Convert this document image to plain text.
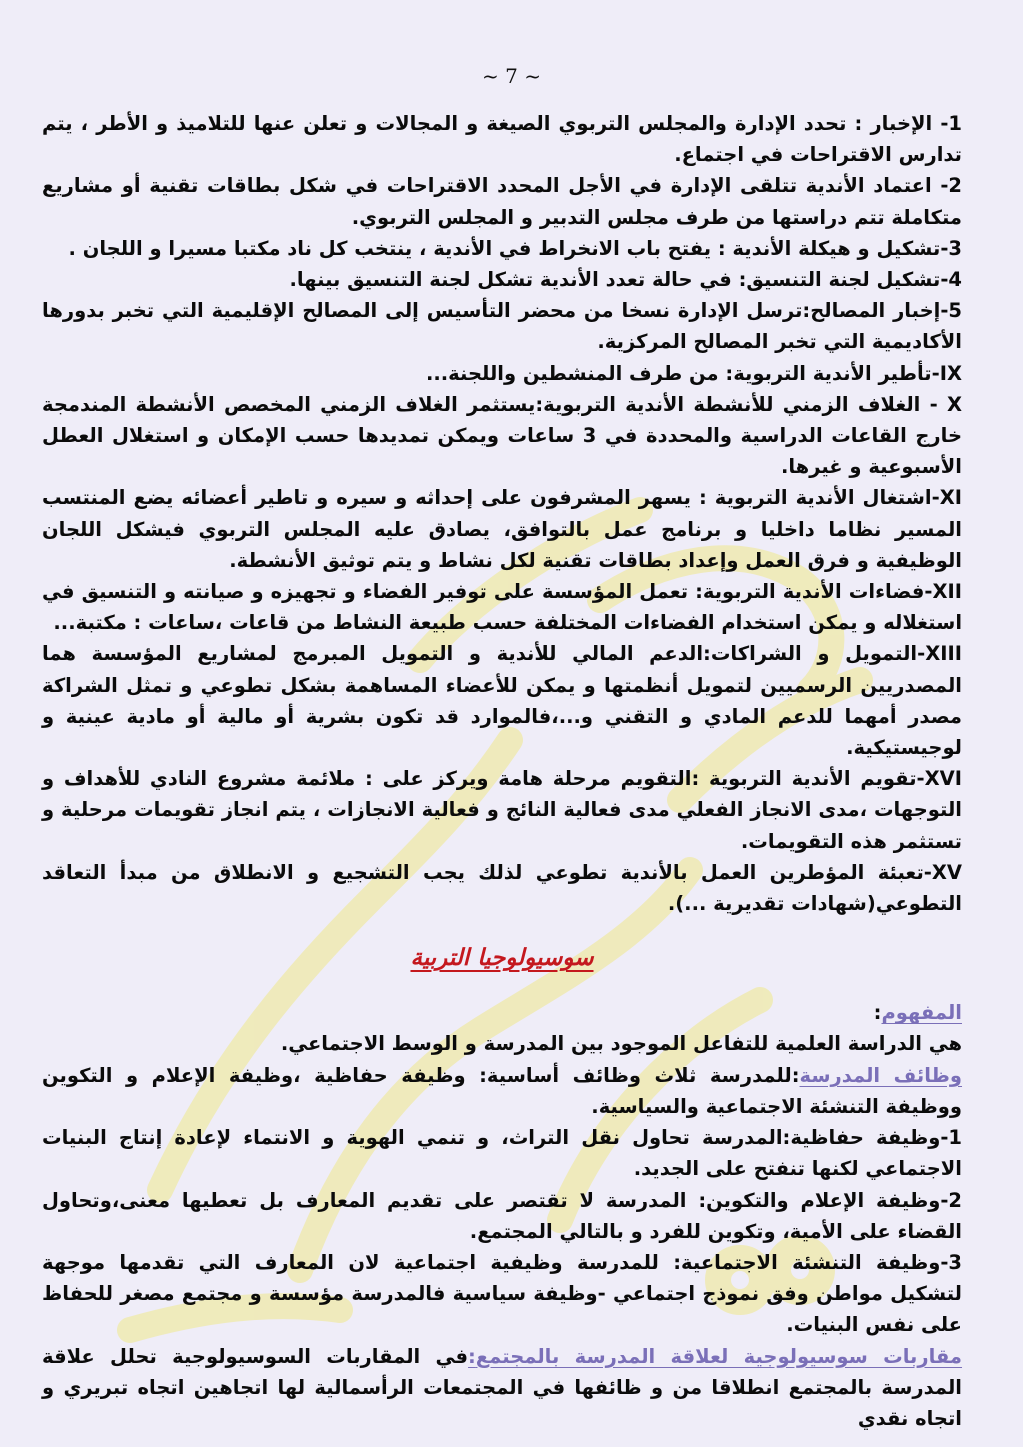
~ 7 ~

1- الإخبار : تحدد الإدارة والمجلس التربوي الصيغة و المجالات و تعلن عنها للتلاميذ و الأطر ، يتم تدارس الاقتراحات في اجتماع.

2- اعتماد الأندية تتلقى الإدارة في الأجل المحدد الاقتراحات في شكل بطاقات تقنية أو مشاريع متكاملة تتم دراستها من طرف مجلس التدبير و المجلس التربوي.

3-تشكيل و هيكلة الأندية : يفتح باب الانخراط في الأندية ، ينتخب كل ناد مكتبا مسيرا و اللجان .

4-تشكيل لجنة التنسيق: في حالة تعدد الأندية تشكل لجنة التنسيق بينها.

5-إخبار المصالح:ترسل الإدارة نسخا من محضر التأسيس إلى المصالح الإقليمية التي تخبر بدورها الأكاديمية التي تخبر المصالح المركزية.

IX-تأطير الأندية التربوية: من طرف المنشطين واللجنة...

X - الغلاف الزمني للأنشطة الأندية التربوية:يستثمر الغلاف الزمني المخصص الأنشطة المندمجة خارج القاعات الدراسية والمحددة في 3 ساعات ويمكن تمديدها حسب الإمكان و استغلال العطل الأسبوعية و غيرها.

XI-اشتغال الأندية التربوية : يسهر المشرفون على إحداثه و سيره و تاطير أعضائه يضع المنتسب المسير نظاما داخليا و برنامج عمل بالتوافق، يصادق عليه المجلس التربوي فيشكل اللجان الوظيفية و فرق العمل وإعداد بطاقات تقنية لكل نشاط و يتم توثيق الأنشطة.

XII-فضاءات الأندية التربوية: تعمل المؤسسة على توفير الفضاء و تجهيزه و صيانته و التنسيق في استغلاله و يمكن استخدام الفضاءات المختلفة حسب طبيعة النشاط من قاعات ،ساعات : مكتبة...

XIII-التمويل و الشراكات:الدعم المالي للأندية و التمويل المبرمج لمشاريع المؤسسة هما المصدريين الرسميين لتمويل أنظمتها و يمكن للأعضاء المساهمة بشكل تطوعي و تمثل الشراكة مصدر أمهما للدعم المادي و التقني و...،فالموارد قد تكون بشرية أو مالية أو مادية عينية و لوجيستيكية.

XVI-تقويم الأندية التربوية :التقويم مرحلة هامة ويركز على : ملائمة مشروع النادي للأهداف و التوجهات ،مدى الانجاز الفعلي مدى فعالية النائج و فعالية الانجازات ، يتم انجاز تقويمات مرحلية و تستثمر هذه التقويمات.

XV-تعبئة المؤطرين العمل بالأندية تطوعي لذلك يجب التشجيع و الانطلاق من مبدأ التعاقد التطوعي(شهادات تقديرية ...).

سوسيولوجيا التربية

المفهوم:

هي الدراسة العلمية للتفاعل الموجود بين المدرسة و الوسط الاجتماعي.

وظائف المدرسة:للمدرسة ثلاث وظائف أساسية: وظيفة حفاظية ،وظيفة الإعلام و التكوين ووظيفة التنشئة الاجتماعية والسياسية.

1-وظيفة حفاظية:المدرسة تحاول نقل التراث، و تنمي الهوية و الانتماء لإعادة إنتاج البنيات الاجتماعي لكنها تنفتح على الجديد.

2-وظيفة الإعلام والتكوين: المدرسة لا تقتصر على تقديم المعارف بل تعطيها معنى،وتحاول القضاء على الأمية، وتكوين للفرد و بالتالي المجتمع.

3-وظيفة التنشئة الاجتماعية: للمدرسة وظيفية اجتماعية لان المعارف التي تقدمها موجهة لتشكيل مواطن وفق نموذج اجتماعي -وظيفة سياسية فالمدرسة مؤسسة و مجتمع مصغر للحفاظ على نفس البنيات.

مقاربات سوسيولوجية لعلاقة المدرسة بالمجتمع:في المقاربات السوسيولوجية تحلل علاقة المدرسة بالمجتمع انطلاقا من و ظائفها في المجتمعات الرأسمالية لها اتجاهين اتجاه تبريري و اتجاه نقدي
